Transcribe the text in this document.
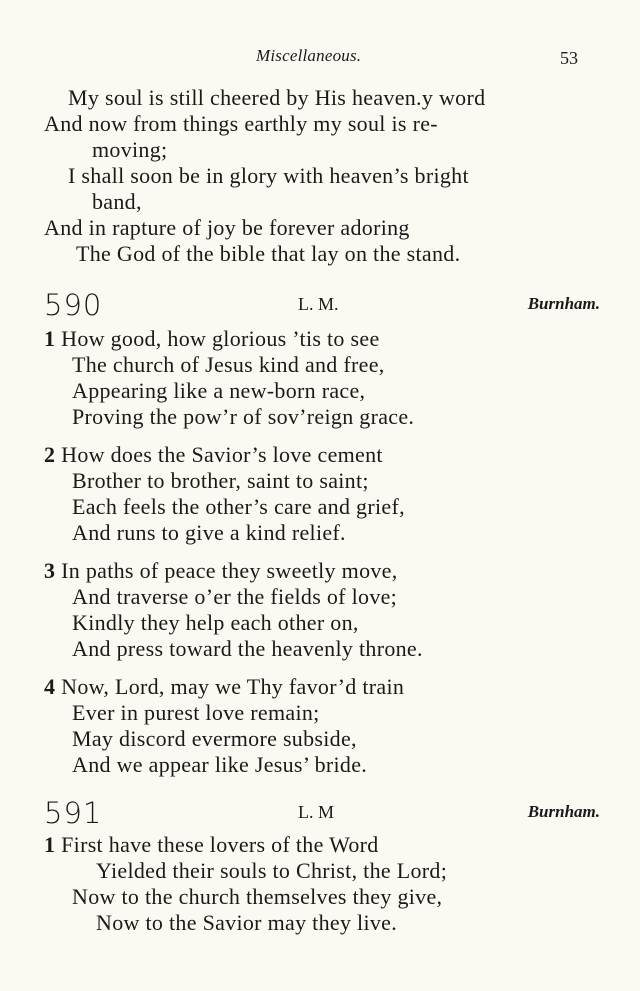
Miscellaneous.	53
My soul is still cheered by His heaven.y word
And now from things earthly my soul is re-
moving;
I shall soon be in glory with heaven’s bright
band,
And in rapture of joy be forever adoring
The God of the bible that lay on the stand.
590	L. M.	Burnham.
1 How good, how glorious ’tis to see
The church of Jesus kind and free,
Appearing like a new-born race,
Proving the pow’r of sov’reign grace.
2 How does the Savior’s love cement
Brother to brother, saint to saint;
Each feels the other’s care and grief,
And runs to give a kind relief.
3 In paths of peace they sweetly move,
And traverse o’er the fields of love;
Kindly they help each other on,
And press toward the heavenly throne.
4 Now, Lord, may we Thy favor’d train
Ever in purest love remain;
May discord evermore subside,
And we appear like Jesus’ bride.
591	L. M	Burnham.
1 First have these lovers of the Word
Yielded their souls to Christ, the Lord;
Now to the church themselves they give,
Now to the Savior may they live.
